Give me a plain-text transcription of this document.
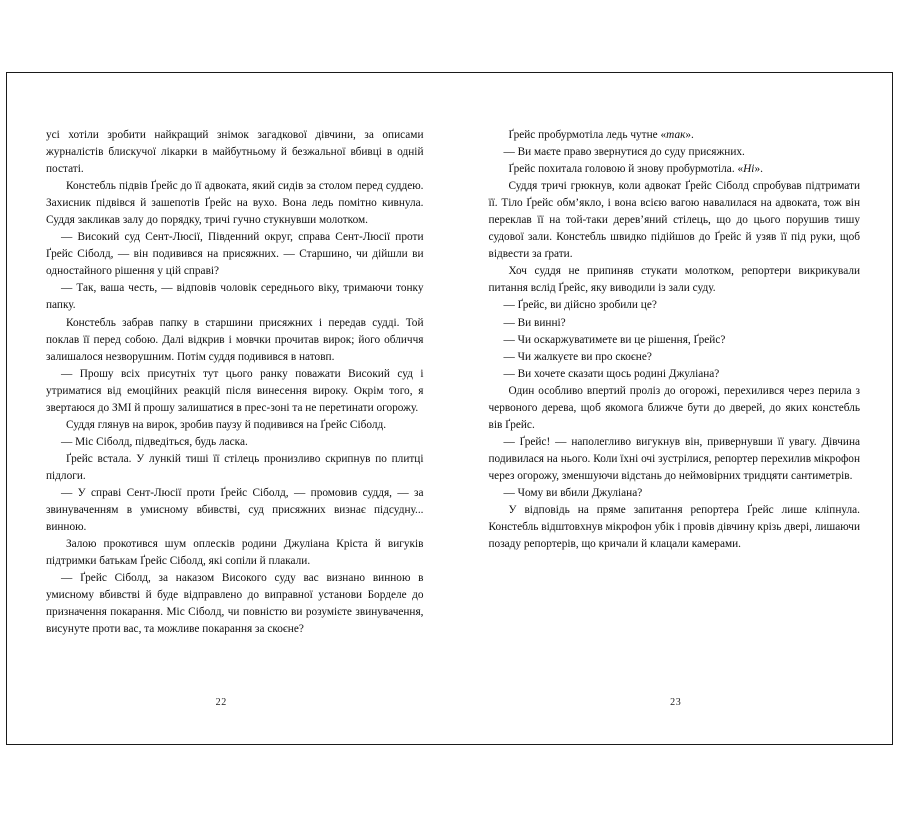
усі хотіли зробити найкращий знімок загадкової дівчини, за описами журналістів блискучої лікарки в майбутньому й безжальної вбивці в одній постаті.

Констебль підвів Ґрейс до її адвоката, який сидів за столом перед суддею. Захисник підвівся й зашепотів Ґрейс на вухо. Вона ледь помітно кивнула. Суддя закликав залу до порядку, тричі гучно стукнувши молотком.

— Високий суд Сент-Люсії, Південний округ, справа Сент-Люсії проти Ґрейс Сіболд, — він подивився на присяжних. — Старшино, чи дійшли ви одностайного рішення у цій справі?

— Так, ваша честь, — відповів чоловік середнього віку, тримаючи тонку папку.

Констебль забрав папку в старшини присяжних і передав судді. Той поклав її перед собою. Далі відкрив і мовчки прочитав вирок; його обличчя залишалося незворушним. Потім суддя подивився в натовп.

— Прошу всіх присутніх тут цього ранку поважати Високий суд і утриматися від емоційних реакцій після винесення вироку. Окрім того, я звертаюся до ЗМІ й прошу залишатися в прес-зоні та не перетинати огорожу.

Суддя глянув на вирок, зробив паузу й подивився на Ґрейс Сіболд.

— Міс Сіболд, підведіться, будь ласка.

Ґрейс встала. У лункій тиші її стілець пронизливо скрипнув по плитці підлоги.

— У справі Сент-Люсії проти Ґрейс Сіболд, — промовив суддя, — за звинуваченням в умисному вбивстві, суд присяжних визнає підсудну... винною.

Залою прокотився шум оплесків родини Джуліана Кріста й вигуків підтримки батькам Ґрейс Сіболд, які сопіли й плакали.

— Ґрейс Сіболд, за наказом Високого суду вас визнано винною в умисному вбивстві й буде відправлено до виправної установи Борделе до призначення покарання. Міс Сіболд, чи повністю ви розумієте звинувачення, висунуте проти вас, та можливе покарання за скоєне?

22

Ґрейс пробурмотіла ледь чутне «так».

— Ви маєте право звернутися до суду присяжних.

Ґрейс похитала головою й знову пробурмотіла. «Ні».

Суддя тричі грюкнув, коли адвокат Ґрейс Сіболд спробував підтримати її. Тіло Ґрейс обм’якло, і вона всією вагою навалилася на адвоката, тож він переклав її на той-таки дерев’яний стілець, що до цього порушив тишу судової зали. Констебль швидко підійшов до Ґрейс й узяв її під руки, щоб відвести за ґрати.

Хоч суддя не припиняв стукати молотком, репортери викрикували питання вслід Ґрейс, яку виводили із зали суду.

— Ґрейс, ви дійсно зробили це?

— Ви винні?

— Чи оскаржуватимете ви це рішення, Ґрейс?

— Чи жалкуєте ви про скоєне?

— Ви хочете сказати щось родині Джуліана?

Один особливо впертий проліз до огорожі, перехилився через перила з червоного дерева, щоб якомога ближче бути до дверей, до яких констебль вів Ґрейс.

— Ґрейс! — наполегливо вигукнув він, привернувши її увагу. Дівчина подивилася на нього. Коли їхні очі зустрілися, репортер перехилив мікрофон через огорожу, зменшуючи відстань до неймовірних тридцяти сантиметрів.

— Чому ви вбили Джуліана?

У відповідь на пряме запитання репортера Ґрейс лише кліпнула. Констебль відштовхнув мікрофон убік і провів дівчину крізь двері, лишаючи позаду репортерів, що кричали й клацали камерами.

23
